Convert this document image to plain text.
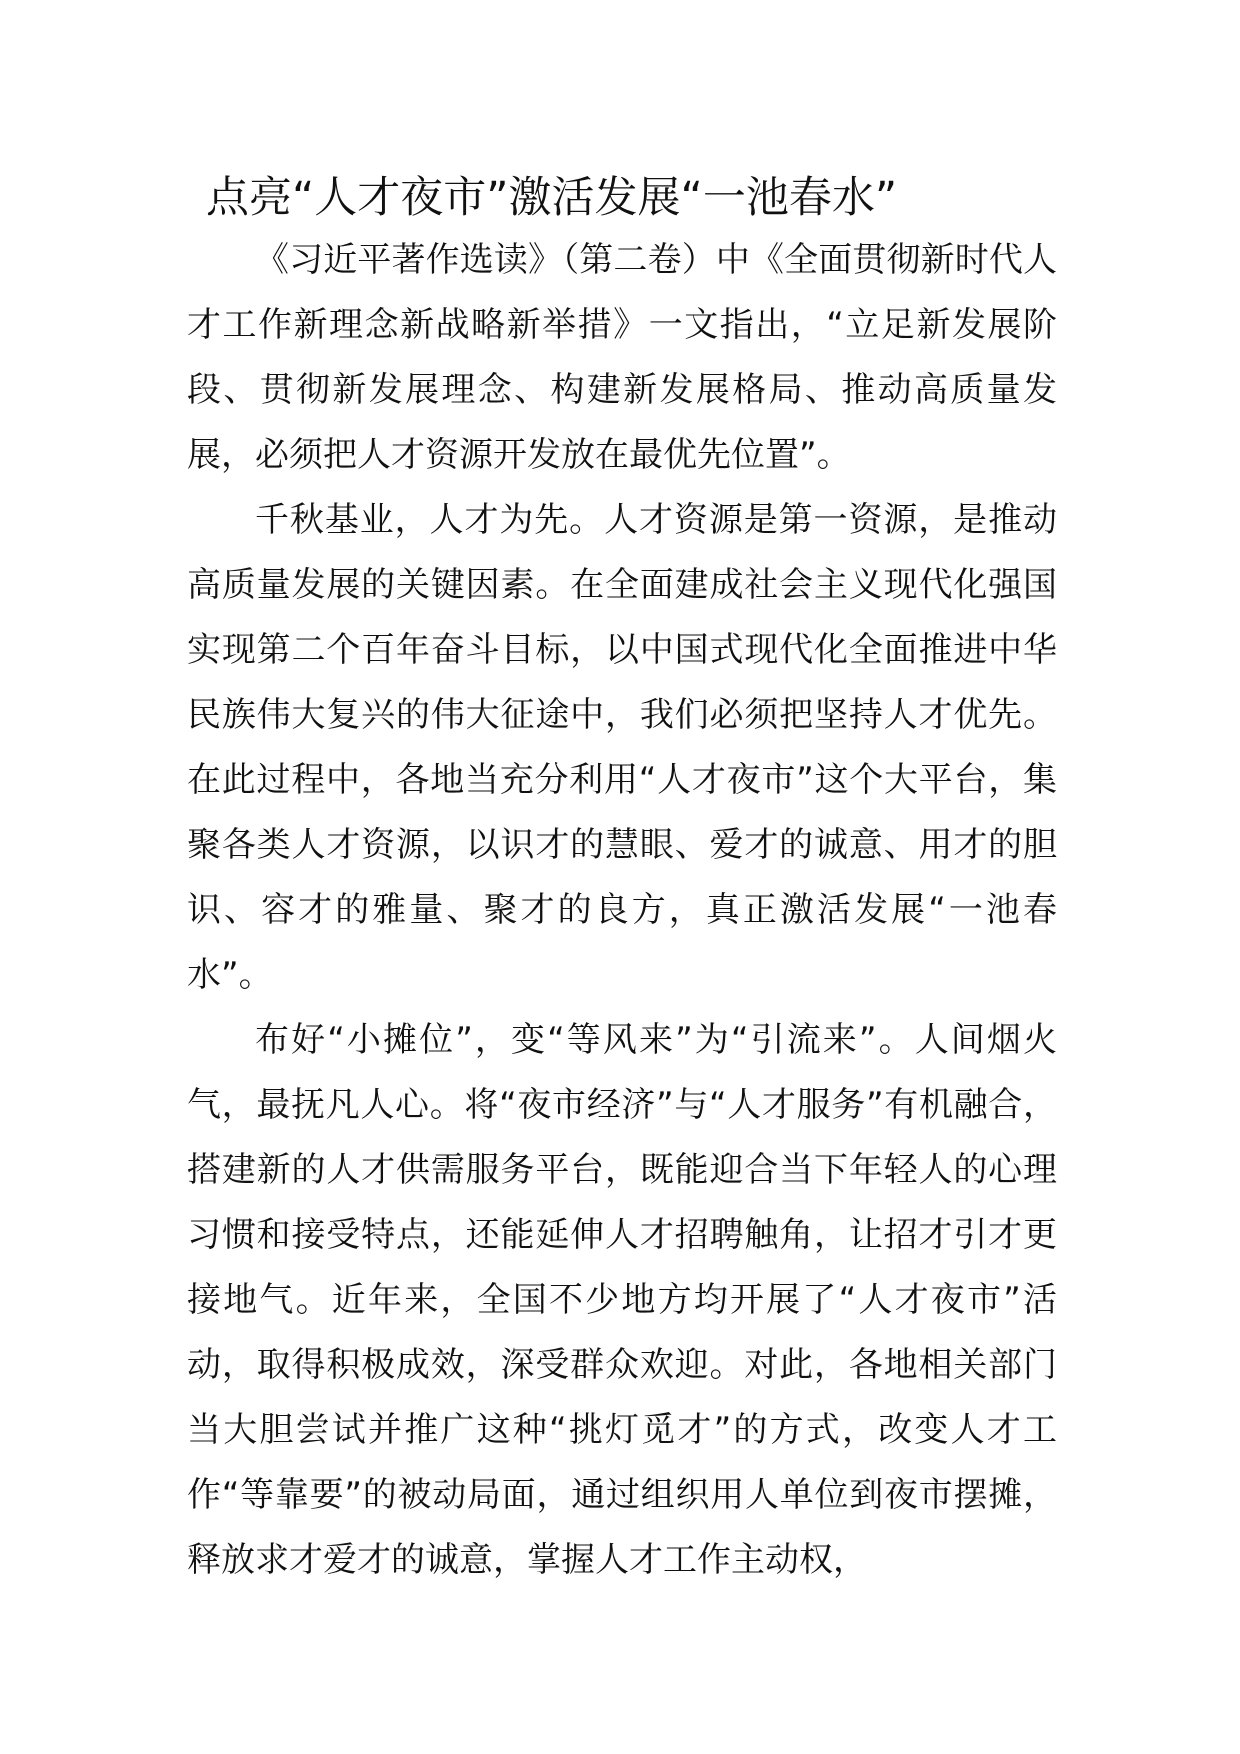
点亮“人才夜市”激活发展“一池春水”

《习近平著作选读》（第二卷）中《全面贯彻新时代人才工作新理念新战略新举措》一文指出，“立足新发展阶段、贯彻新发展理念、构建新发展格局、推动高质量发展，必须把人才资源开发放在最优先位置”。

千秋基业，人才为先。人才资源是第一资源，是推动高质量发展的关键因素。在全面建成社会主义现代化强国实现第二个百年奋斗目标，以中国式现代化全面推进中华民族伟大复兴的伟大征途中，我们必须把坚持人才优先。在此过程中，各地当充分利用“人才夜市”这个大平台，集聚各类人才资源，以识才的慧眼、爱才的诚意、用才的胆识、容才的雅量、聚才的良方，真正激活发展“一池春水”。

布好“小摊位”，变“等风来”为“引流来”。人间烟火气，最抚凡人心。将“夜市经济”与“人才服务”有机融合，搭建新的人才供需服务平台，既能迎合当下年轻人的心理习惯和接受特点，还能延伸人才招聘触角，让招才引才更接地气。近年来，全国不少地方均开展了“人才夜市”活动，取得积极成效，深受群众欢迎。对此，各地相关部门当大胆尝试并推广这种“挑灯觅才”的方式，改变人才工作“等靠要”的被动局面，通过组织用人单位到夜市摆摊，释放求才爱才的诚意，掌握人才工作主动权，
